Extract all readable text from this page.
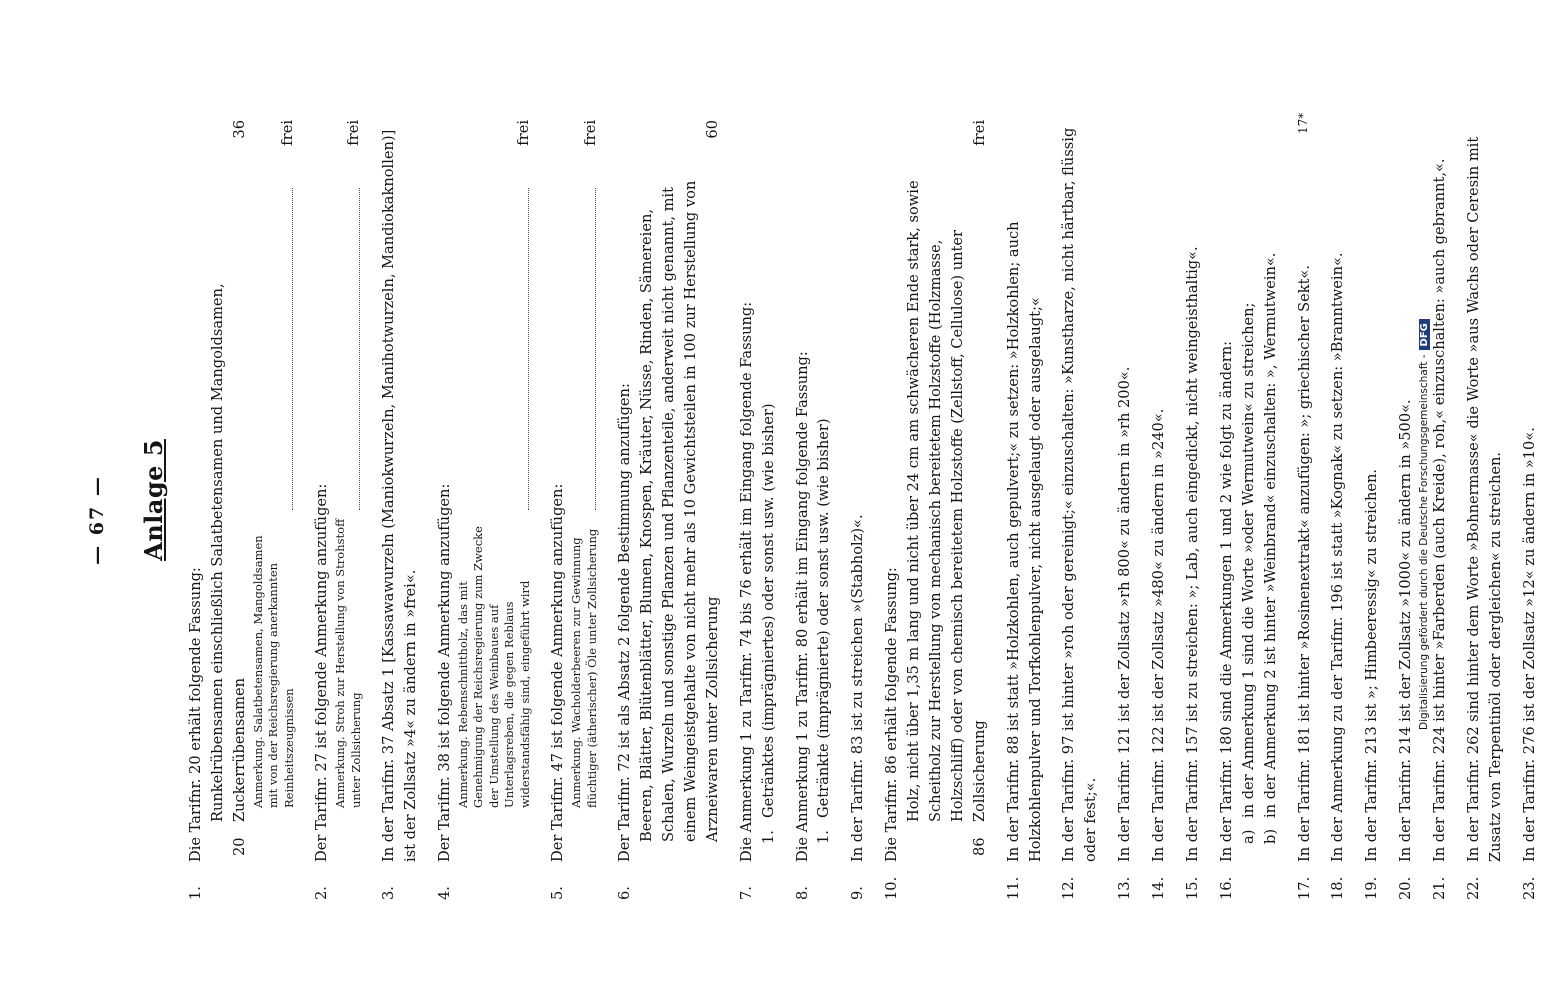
— 67 — Anlage 5
1.
Die Tarifnr. 20 erhält folgende Fassung: 20
Runkelrübensamen einschließlich Salatbetensamen und Mangoldsamen, Zuckerrübensamen
36
Anmerkung. Salatbetensamen, Mangoldsamen mit von der Reichsregierung anerkannten Reinheitszeugnissen
frei
2.
Der Tarifnr. 27 ist folgende Anmerkung anzufügen: Anmerkung. Stroh zur Herstellung von Strohstoff unter Zollsicherung
frei
3.
In der Tarifnr. 37 Absatz 1 [Kassawawurzeln (Maniokwurzeln, Manihotwurzeln, Mandiokaknollen)] ist der Zollsatz »4« zu ändern in »frei«.
4.
Der Tarifnr. 38 ist folgende Anmerkung anzufügen: Anmerkung. Rebenschnittholz, das mit Genehmigung der Reichsregierung zum Zwecke der Umstellung des Weinbaues auf Unterlagsreben, die gegen Reblaus widerstandsfähig sind, eingeführt wird
frei
5.
Der Tarifnr. 47 ist folgende Anmerkung anzufügen: Anmerkung. Wacholderbeeren zur Gewinnung flüchtiger (ätherischer) Öle unter Zollsicherung
frei
6.
Der Tarifnr. 72 ist als Absatz 2 folgende Bestimmung anzufügen: Beeren, Blätter, Blütenblätter, Blumen, Knospen, Kräuter, Nüsse, Rinden, Sämereien, Schalen, Wurzeln und sonstige Pflanzen und Pflanzenteile, anderweit nicht genannt, mit einem Weingeistgehalte von nicht mehr als 10 Gewichtsteilen in 100 zur Herstellung von Arzneiwaren unter Zollsicherung
60
7.
Die Anmerkung 1 zu Tarifnr. 74 bis 76 erhält im Eingang folgende Fassung: 1.
Getränktes (imprägniertes) oder sonst usw. (wie bisher)
8.
Die Anmerkung 1 zu Tarifnr. 80 erhält im Eingang folgende Fassung: 1.
Getränkte (imprägnierte) oder sonst usw. (wie bisher)
9.
In der Tarifnr. 83 ist zu streichen »(Stabholz)«.
10.
Die Tarifnr. 86 erhält folgende Fassung:	86
Holz, nicht über 1,35 m lang und nicht über 24 cm am schwächeren Ende stark, sowie Scheitholz zur Herstellung von mechanisch bereitetem Holzstoffe (Holzmasse, Holzschliff) oder von chemisch bereitetem Holzstoffe (Zellstoff, Cellulose) unter Zollsicherung
frei
11.
In der Tarifnr. 88 ist statt »Holzkohlen, auch gepulvert;« zu setzen: »Holzkohlen; auch Holzkohlenpulver und Torfkohlenpulver, nicht ausgelaugt oder ausgelaugt;«
12.
In der Tarifnr. 97 ist hinter »roh oder gereinigt;« einzuschalten: »Kunstharze, nicht härtbar, flüssig oder fest;«.
13.
In der Tarifnr. 121 ist der Zollsatz »rh 800« zu ändern in »rh 200«.
14.
In der Tarifnr. 122 ist der Zollsatz »480« zu ändern in »240«.
15.
In der Tarifnr. 157 ist zu streichen: »; Lab, auch eingedickt, nicht weingeisthaltig«.
16.
In der Tarifnr. 180 sind die Anmerkungen 1 und 2 wie folgt zu ändern: a)
in der Anmerkung 1 sind die Worte »oder Wermutwein« zu streichen;
b)
in der Anmerkung 2 ist hinter »Weinbrand« einzuschalten: », Wermutwein«.
17.
In der Tarifnr. 181 ist hinter »Rosinenextrakt« anzufügen: »; griechischer Sekt«.
18.
In der Anmerkung zu der Tarifnr. 196 ist statt »Kognak« zu setzen: »Branntwein«.
19.
In der Tarifnr. 213 ist »; Himbeeressig« zu streichen.
20.
In der Tarifnr. 214 ist der Zollsatz »1000« zu ändern in »500«.
21.
In der Tarifnr. 224 ist hinter »Farberden (auch Kreide), roh,« einzuschalten: »auch gebrannt,«.
22.
In der Tarifnr. 262 sind hinter dem Worte »Bohnermasse« die Worte »aus Wachs oder Ceresin mit Zusatz von Terpentinöl oder dergleichen« zu streichen.
23.
In der Tarifnr. 276 ist der Zollsatz »12« zu ändern in »10«.
17*
Digitalisierung gefördert durch die Deutsche Forschungsgemeinschaft -DFG
